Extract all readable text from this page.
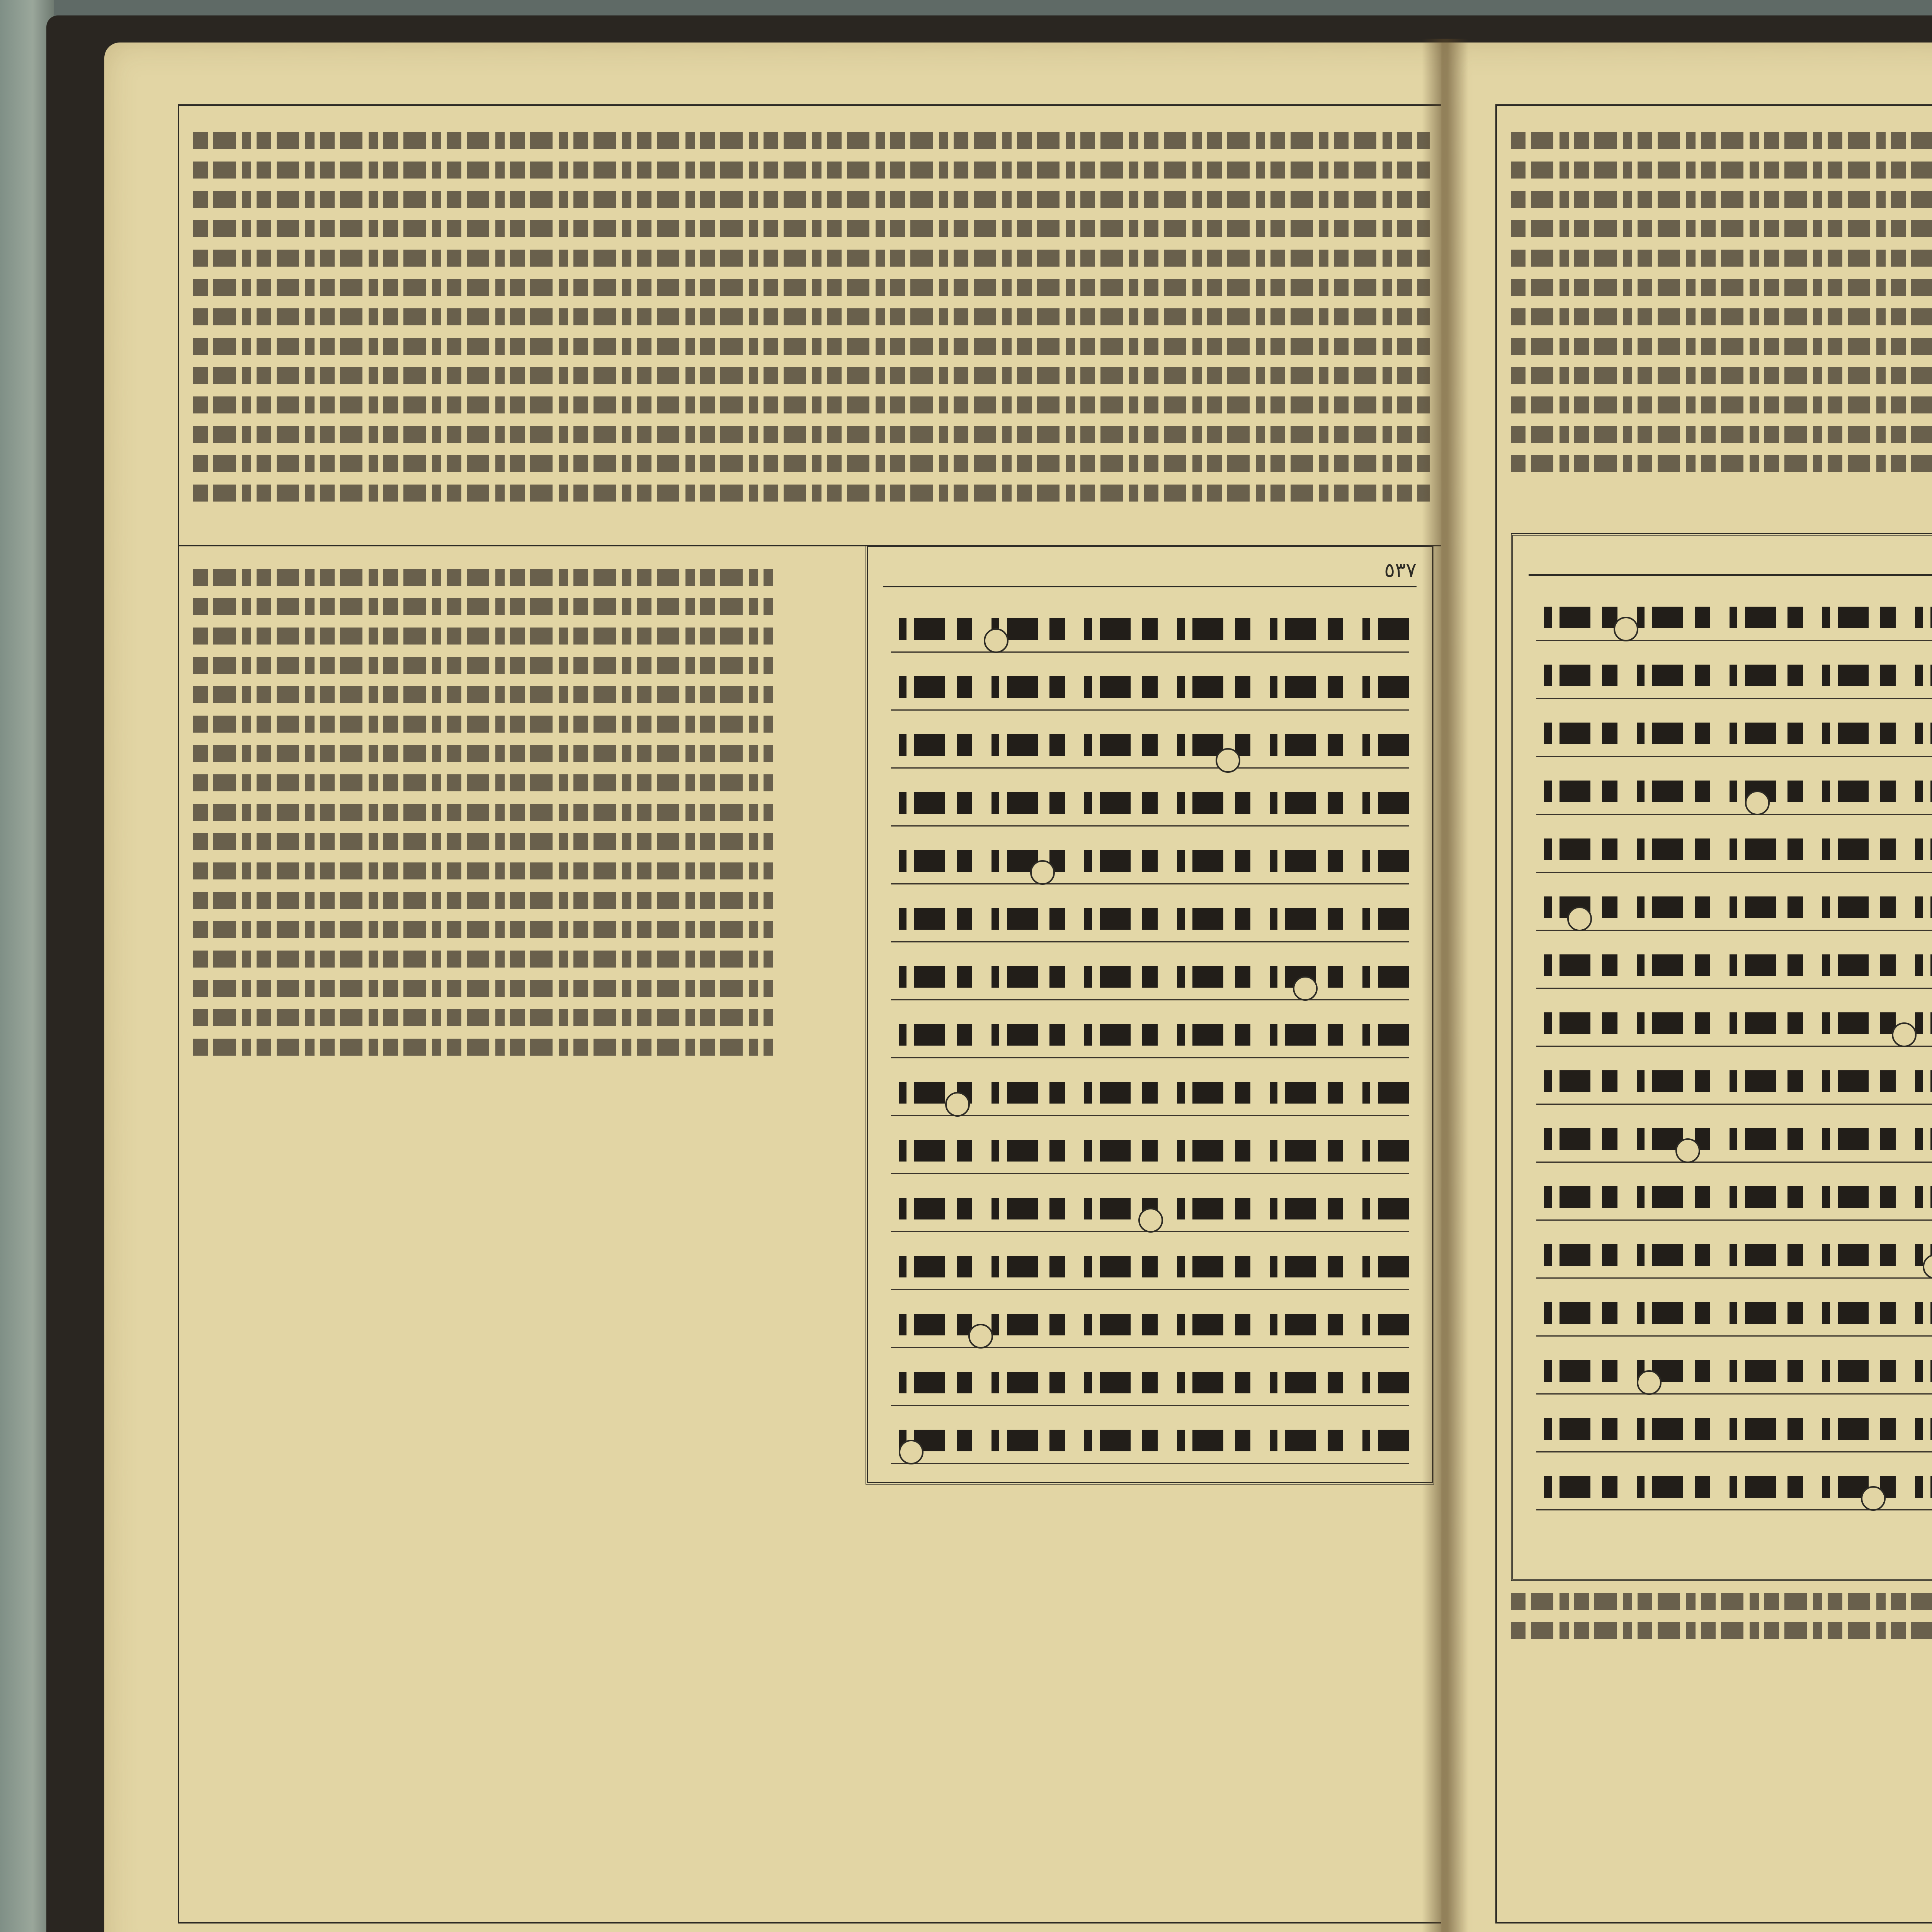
٥٣٧
